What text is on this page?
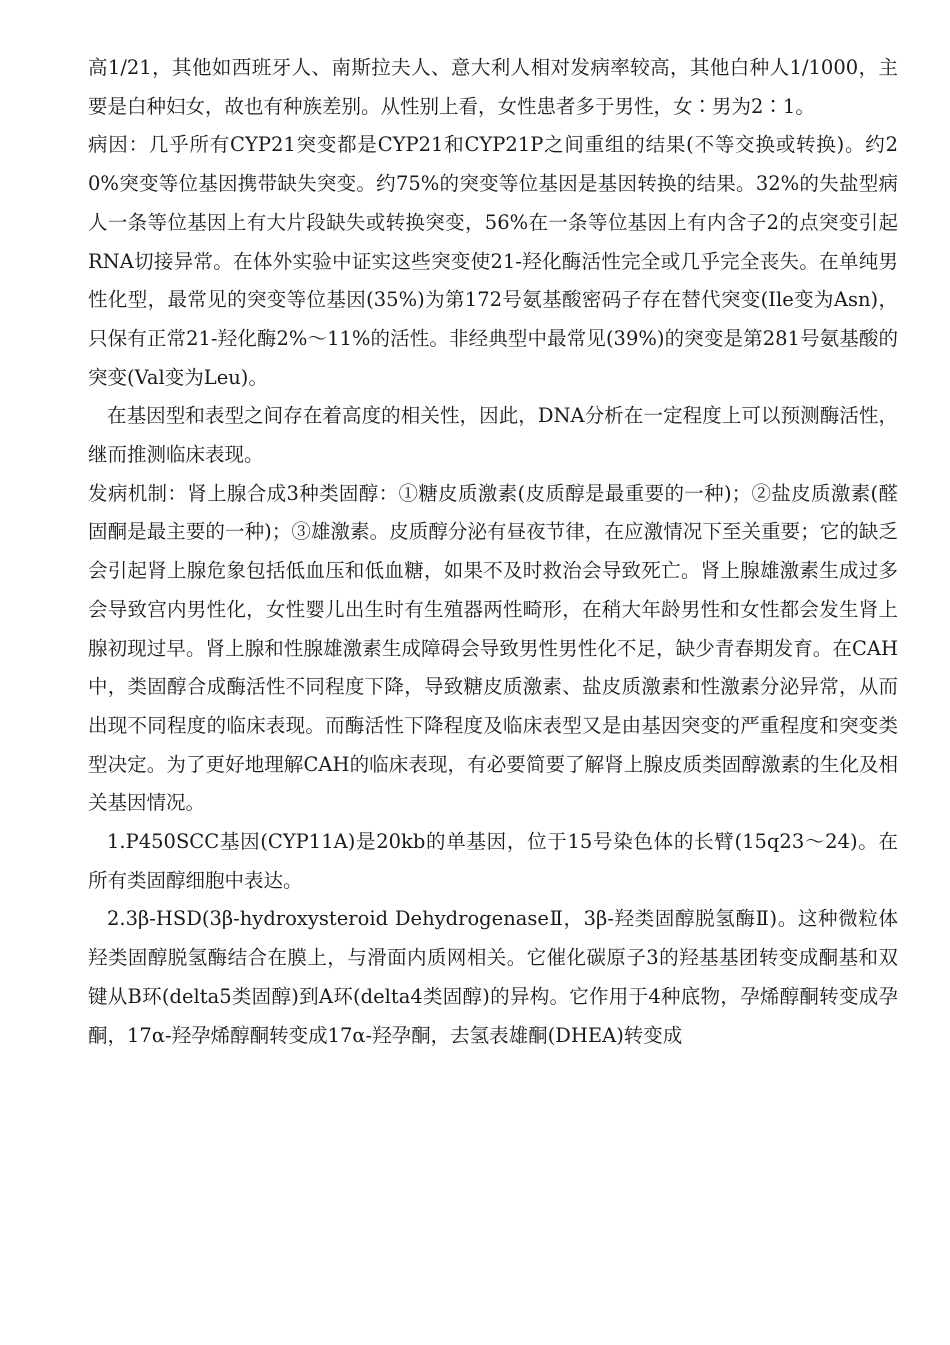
高1/21，其他如西班牙人、南斯拉夫人、意大利人相对发病率较高，其他白种人1/1000，主要是白种妇女，故也有种族差别。从性别上看，女性患者多于男性，女∶男为2∶1。

病因：几乎所有CYP21突变都是CYP21和CYP21P之间重组的结果(不等交换或转换)。约20%突变等位基因携带缺失突变。约75%的突变等位基因是基因转换的结果。32%的失盐型病人一条等位基因上有大片段缺失或转换突变，56%在一条等位基因上有内含子2的点突变引起RNA切接异常。在体外实验中证实这些突变使21-羟化酶活性完全或几乎完全丧失。在单纯男性化型，最常见的突变等位基因(35%)为第172号氨基酸密码子存在替代突变(Ile变为Asn)，只保有正常21-羟化酶2%～11%的活性。非经典型中最常见(39%)的突变是第281号氨基酸的突变(Val变为Leu)。

在基因型和表型之间存在着高度的相关性，因此，DNA分析在一定程度上可以预测酶活性，继而推测临床表现。

发病机制：肾上腺合成3种类固醇：①糖皮质激素(皮质醇是最重要的一种)；②盐皮质激素(醛固酮是最主要的一种)；③雄激素。皮质醇分泌有昼夜节律，在应激情况下至关重要；它的缺乏会引起肾上腺危象包括低血压和低血糖，如果不及时救治会导致死亡。肾上腺雄激素生成过多会导致宫内男性化，女性婴儿出生时有生殖器两性畸形，在稍大年龄男性和女性都会发生肾上腺初现过早。肾上腺和性腺雄激素生成障碍会导致男性男性化不足，缺少青春期发育。在CAH中，类固醇合成酶活性不同程度下降，导致糖皮质激素、盐皮质激素和性激素分泌异常，从而出现不同程度的临床表现。而酶活性下降程度及临床表型又是由基因突变的严重程度和突变类型决定。为了更好地理解CAH的临床表现，有必要简要了解肾上腺皮质类固醇激素的生化及相关基因情况。

1.P450SCC基因(CYP11A)是20kb的单基因，位于15号染色体的长臂(15q23～24)。在所有类固醇细胞中表达。

2.3β-HSD(3β-hydroxysteroid DehydrogenaseⅡ，3β-羟类固醇脱氢酶Ⅱ)。这种微粒体羟类固醇脱氢酶结合在膜上，与滑面内质网相关。它催化碳原子3的羟基基团转变成酮基和双键从B环(delta5类固醇)到A环(delta4类固醇)的异构。它作用于4种底物，孕烯醇酮转变成孕酮，17α-羟孕烯醇酮转变成17α-羟孕酮，去氢表雄酮(DHEA)转变成
